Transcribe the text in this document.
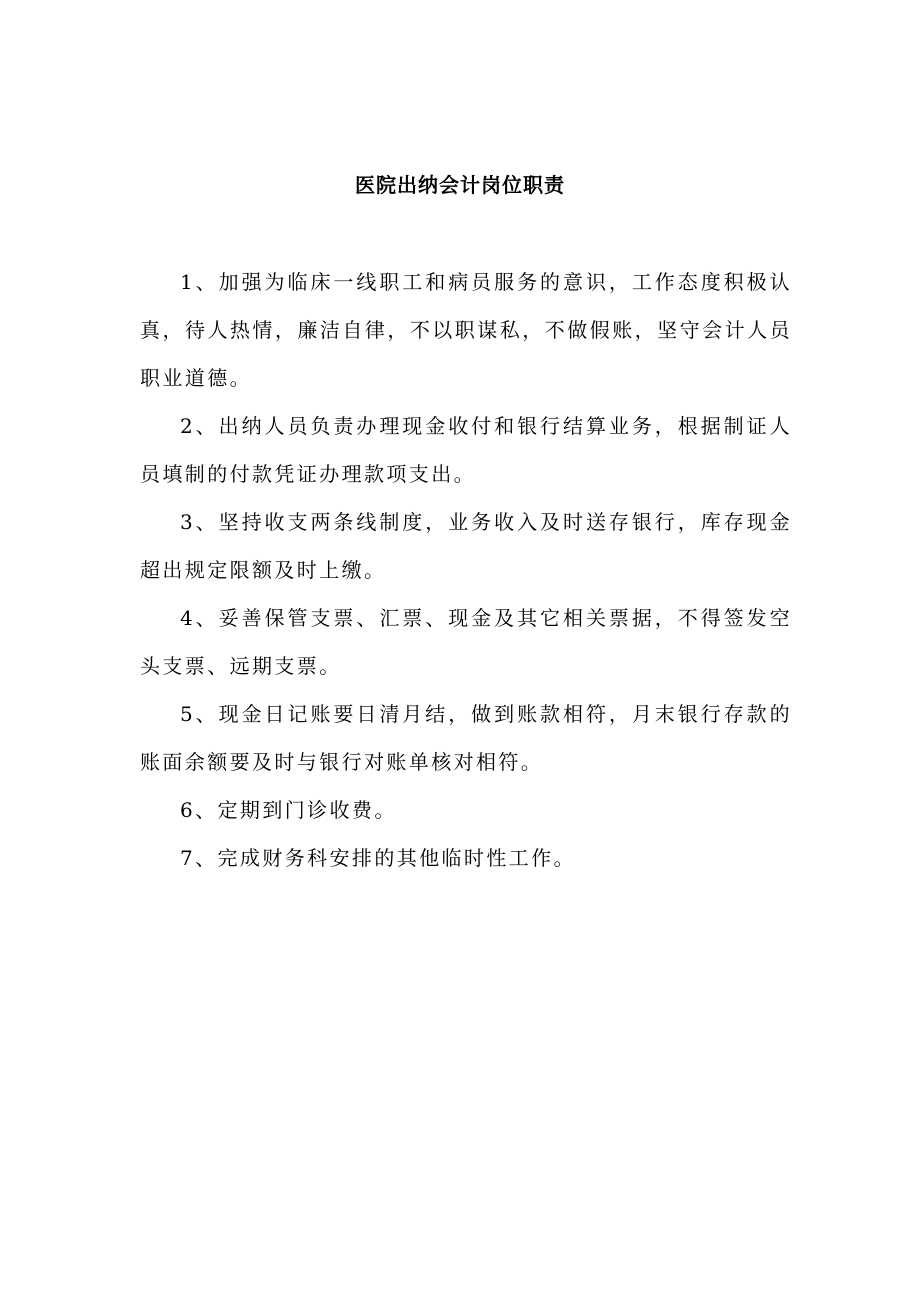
医院出纳会计岗位职责

1、加强为临床一线职工和病员服务的意识，工作态度积极认真，待人热情，廉洁自律，不以职谋私，不做假账，坚守会计人员职业道德。

2、出纳人员负责办理现金收付和银行结算业务，根据制证人员填制的付款凭证办理款项支出。

3、坚持收支两条线制度，业务收入及时送存银行，库存现金超出规定限额及时上缴。

4、妥善保管支票、汇票、现金及其它相关票据，不得签发空头支票、远期支票。

5、现金日记账要日清月结，做到账款相符，月末银行存款的账面余额要及时与银行对账单核对相符。

6、定期到门诊收费。

7、完成财务科安排的其他临时性工作。
